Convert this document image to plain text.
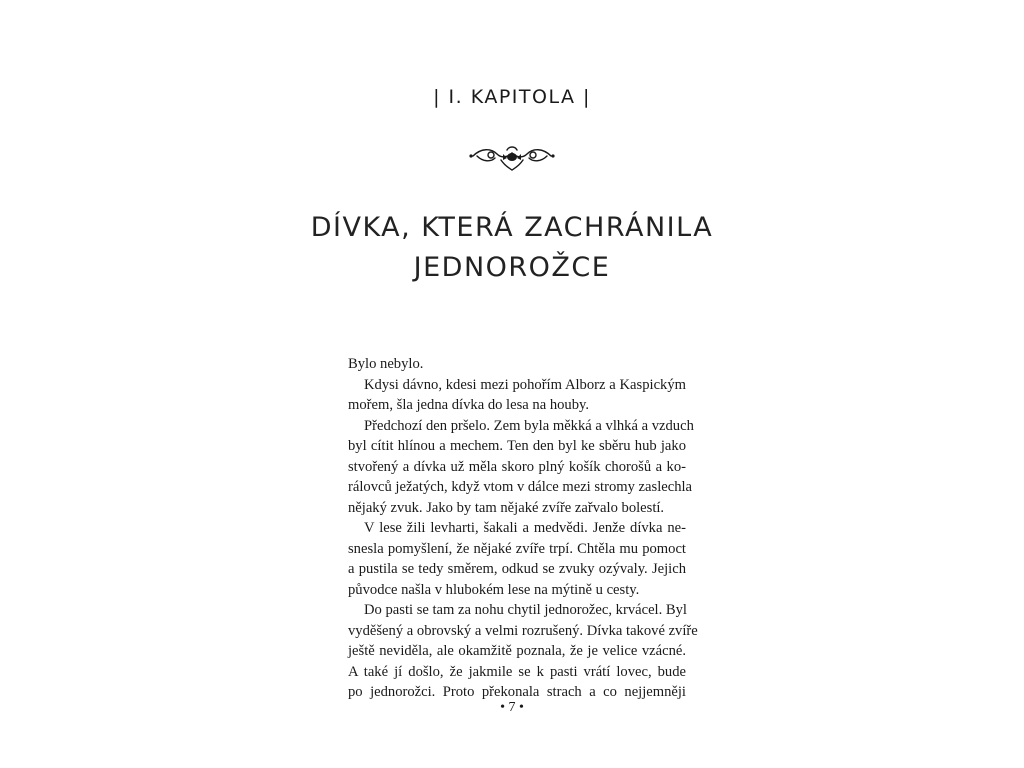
| I. KAPITOLA |
DÍVKA, KTERÁ ZACHRÁNILA
JEDNOROŽCE
Bylo nebylo.
Kdysi dávno, kdesi mezi pohořím Alborz a Kaspickým
mořem, šla jedna dívka do lesa na houby.
Předchozí den pršelo. Zem byla měkká a vlhká a vzduch
byl cítit hlínou a mechem. Ten den byl ke sběru hub jako
stvořený a dívka už měla skoro plný košík chorošů a ko-
rálovců ježatých, když vtom v dálce mezi stromy zaslechla
nějaký zvuk. Jako by tam nějaké zvíře zařvalo bolestí.
V lese žili levharti, šakali a medvědi. Jenže dívka ne-
snesla pomyšlení, že nějaké zvíře trpí. Chtěla mu pomoct
a pustila se tedy směrem, odkud se zvuky ozývaly. Jejich
původce našla v hlubokém lese na mýtině u cesty.
Do pasti se tam za nohu chytil jednorožec, krvácel. Byl
vyděšený a obrovský a velmi rozrušený. Dívka takové zvíře
ještě neviděla, ale okamžitě poznala, že je velice vzácné.
A také jí došlo, že jakmile se k pasti vrátí lovec, bude
po jednorožci. Proto překonala strach a co nejjemněji
• 7 •
